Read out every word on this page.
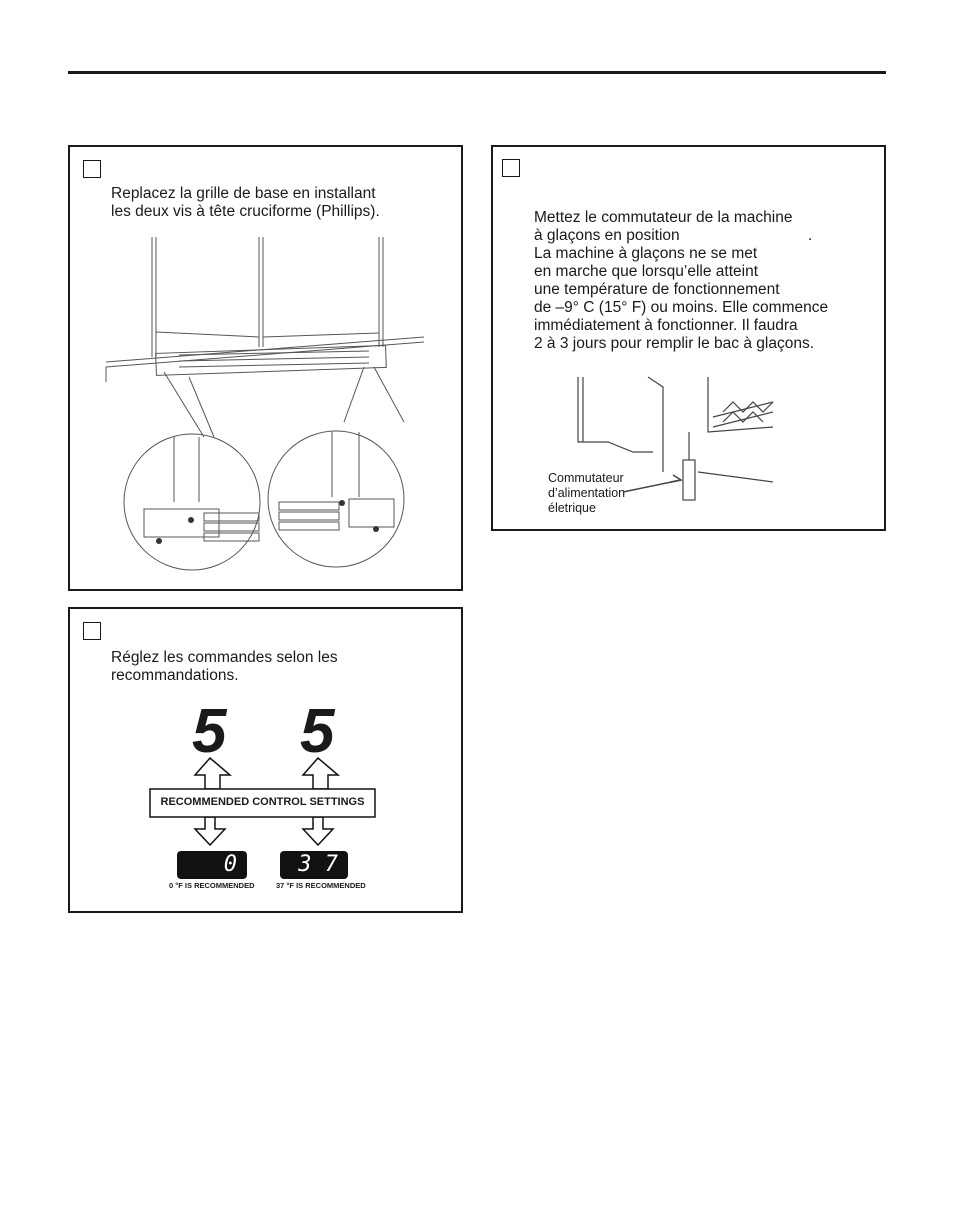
Replacez la grille de base en installant
les deux vis à tête cruciforme (Phillips).	Mettez le commutateur de la machine
à glaçons en position
La machine à glaçons ne se met
en marche que lorsqu’elle atteint
une température de fonctionnement
de –9° C (15° F) ou moins. Elle commence
immédiatement à fonctionner. Il faudra
2 à 3 jours pour remplir le bac à glaçons.
.
Commutateur
d’alimentation
életrique
Réglez les commandes selon les
recommandations.
5 5
RECOMMENDED CONTROL SETTINGS
0	3 7
0 °F IS RECOMMENDED	37 °F IS RECOMMENDED
